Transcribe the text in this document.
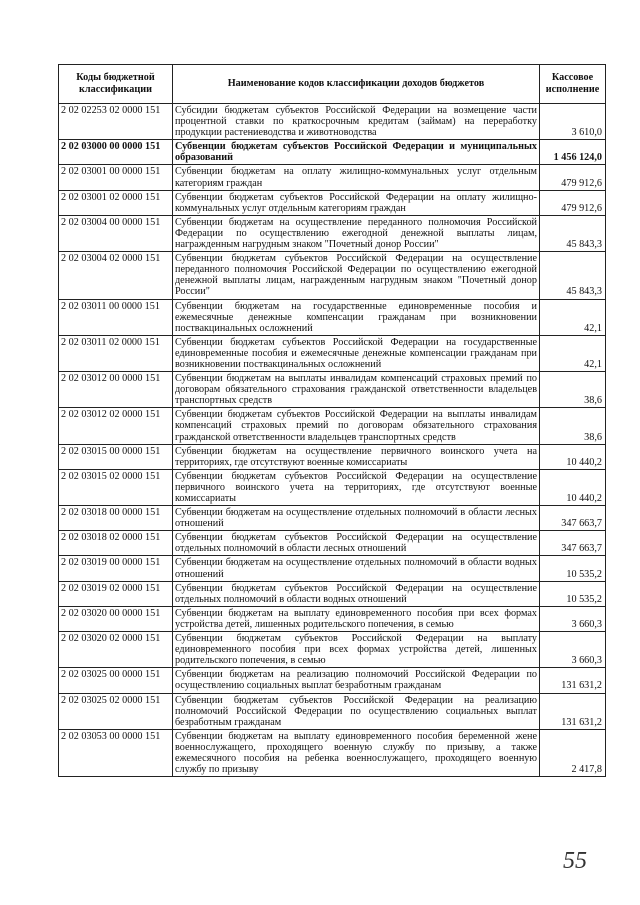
Коды бюджетной классификации	Наименование кодов классификации доходов бюджетов	Кассовое исполнение
2 02 02253 02 0000 151	Субсидии бюджетам субъектов Российской Федерации на возмещение части процентной ставки по краткосрочным кредитам (займам) на переработку продукции растениеводства и животноводства	3 610,0
2 02 03000 00 0000 151	Субвенции бюджетам субъектов Российской Федерации и муниципальных образований	1 456 124,0
2 02 03001 00 0000 151	Субвенции бюджетам на оплату жилищно-коммунальных услуг отдельным категориям граждан	479 912,6
2 02 03001 02 0000 151	Субвенции бюджетам субъектов Российской Федерации на оплату жилищно-коммунальных услуг отдельным категориям граждан	479 912,6
2 02 03004 00 0000 151	Субвенции бюджетам на осуществление переданного полномочия Российской Федерации по осуществлению ежегодной денежной выплаты лицам, награжденным нагрудным знаком "Почетный донор России"	45 843,3
2 02 03004 02 0000 151	Субвенции бюджетам субъектов Российской Федерации на осуществление переданного полномочия Российской Федерации по осуществлению ежегодной денежной выплаты лицам, награжденным нагрудным знаком "Почетный донор России"	45 843,3
2 02 03011 00 0000 151	Субвенции бюджетам на государственные единовременные пособия и ежемесячные денежные компенсации гражданам при возникновении поствакцинальных осложнений	42,1
2 02 03011 02 0000 151	Субвенции бюджетам субъектов Российской Федерации на государственные единовременные пособия и ежемесячные денежные компенсации гражданам при возникновении поствакцинальных осложнений	42,1
2 02 03012 00 0000 151	Субвенции бюджетам на выплаты инвалидам компенсаций страховых премий по договорам обязательного страхования гражданской ответственности владельцев транспортных средств	38,6
2 02 03012 02 0000 151	Субвенции бюджетам субъектов Российской Федерации на выплаты инвалидам компенсаций страховых премий по договорам обязательного страхования гражданской ответственности владельцев транспортных средств	38,6
2 02 03015 00 0000 151	Субвенции бюджетам на осуществление первичного воинского учета на территориях, где отсутствуют военные комиссариаты	10 440,2
2 02 03015 02 0000 151	Субвенции бюджетам субъектов Российской Федерации на осуществление первичного воинского учета на территориях, где отсутствуют военные комиссариаты	10 440,2
2 02 03018 00 0000 151	Субвенции бюджетам на осуществление отдельных полномочий в области лесных отношений	347 663,7
2 02 03018 02 0000 151	Субвенции бюджетам субъектов Российской Федерации на осуществление отдельных полномочий в области лесных отношений	347 663,7
2 02 03019 00 0000 151	Субвенции бюджетам на осуществление отдельных полномочий в области водных отношений	10 535,2
2 02 03019 02 0000 151	Субвенции бюджетам субъектов Российской Федерации на осуществление отдельных полномочий в области водных отношений	10 535,2
2 02 03020 00 0000 151	Субвенции бюджетам на выплату единовременного пособия при всех формах устройства детей, лишенных родительского попечения, в семью	3 660,3
2 02 03020 02 0000 151	Субвенции бюджетам субъектов Российской Федерации на выплату единовременного пособия при всех формах устройства детей, лишенных родительского попечения, в семью	3 660,3
2 02 03025 00 0000 151	Субвенции бюджетам на реализацию полномочий Российской Федерации по осуществлению социальных выплат безработным гражданам	131 631,2
2 02 03025 02 0000 151	Субвенции бюджетам субъектов Российской Федерации на реализацию полномочий Российской Федерации по осуществлению социальных выплат безработным гражданам	131 631,2
2 02 03053 00 0000 151	Субвенции бюджетам на выплату единовременного пособия беременной жене военнослужащего, проходящего военную службу по призыву, а также ежемесячного пособия на ребенка военнослужащего, проходящего военную службу по призыву	2 417,8
55
